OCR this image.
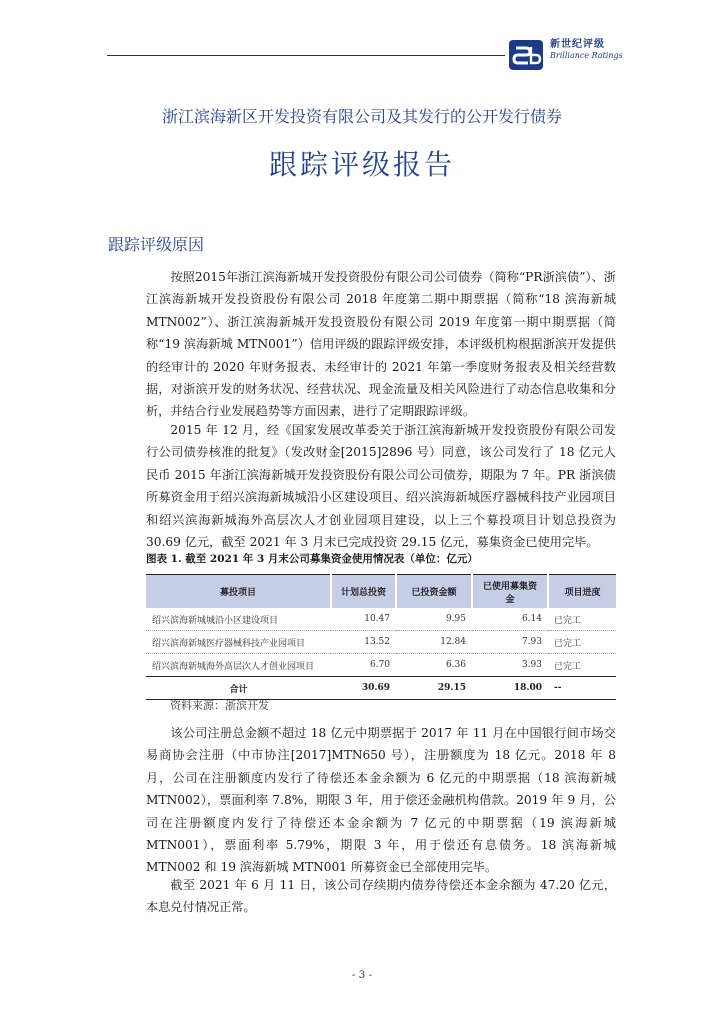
新世纪评级
Brilliance Ratings
浙江滨海新区开发投资有限公司及其发行的公开发行债券
跟踪评级报告
跟踪评级原因

按照2015年浙江滨海新城开发投资股份有限公司公司债券（简称“PR浙滨债”）、浙江滨海新城开发投资股份有限公司 2018 年度第二期中期票据（简称“18 滨海新城 MTN002”）、浙江滨海新城开发投资股份有限公司 2019 年度第一期中期票据（简称“19 滨海新城 MTN001”）信用评级的跟踪评级安排，本评级机构根据浙滨开发提供的经审计的 2020 年财务报表、未经审计的 2021 年第一季度财务报表及相关经营数据，对浙滨开发的财务状况、经营状况、现金流量及相关风险进行了动态信息收集和分析，并结合行业发展趋势等方面因素，进行了定期跟踪评级。

2015 年 12 月，经《国家发展改革委关于浙江滨海新城开发投资股份有限公司发行公司债券核准的批复》（发改财金[2015]2896 号）同意，该公司发行了 18 亿元人民币 2015 年浙江滨海新城开发投资股份有限公司公司债券，期限为 7 年。PR 浙滨债所募资金用于绍兴滨海新城城沿小区建设项目、绍兴滨海新城医疗器械科技产业园项目和绍兴滨海新城海外高层次人才创业园项目建设，以上三个募投项目计划总投资为 30.69 亿元，截至 2021 年 3 月末已完成投资 29.15 亿元，募集资金已使用完毕。

图表 1. 截至 2021 年 3 月末公司募集资金使用情况表（单位：亿元）
募投项目	计划总投资	已投资金额	已使用募集资金	项目进度
绍兴滨海新城城沿小区建设项目	10.47	9.95	6.14	已完工
绍兴滨海新城医疗器械科技产业园项目	13.52	12.84	7.93	已完工
绍兴滨海新城海外高层次人才创业园项目	6.70	6.36	3.93	已完工
合计	30.69	29.15	18.00	--
资料来源：浙滨开发

该公司注册总金额不超过 18 亿元中期票据于 2017 年 11 月在中国银行间市场交易商协会注册（中市协注[2017]MTN650 号），注册额度为 18 亿元。2018 年 8 月，公司在注册额度内发行了待偿还本金余额为 6 亿元的中期票据（18 滨海新城 MTN002），票面利率 7.8%，期限 3 年，用于偿还金融机构借款。2019 年 9 月，公司在注册额度内发行了待偿还本金余额为 7 亿元的中期票据（19 滨海新城 MTN001），票面利率 5.79%，期限 3 年，用于偿还有息债务。18 滨海新城 MTN002 和 19 滨海新城 MTN001 所募资金已全部使用完毕。

截至 2021 年 6 月 11 日，该公司存续期内债券待偿还本金余额为 47.20 亿元，本息兑付情况正常。

- 3 -
